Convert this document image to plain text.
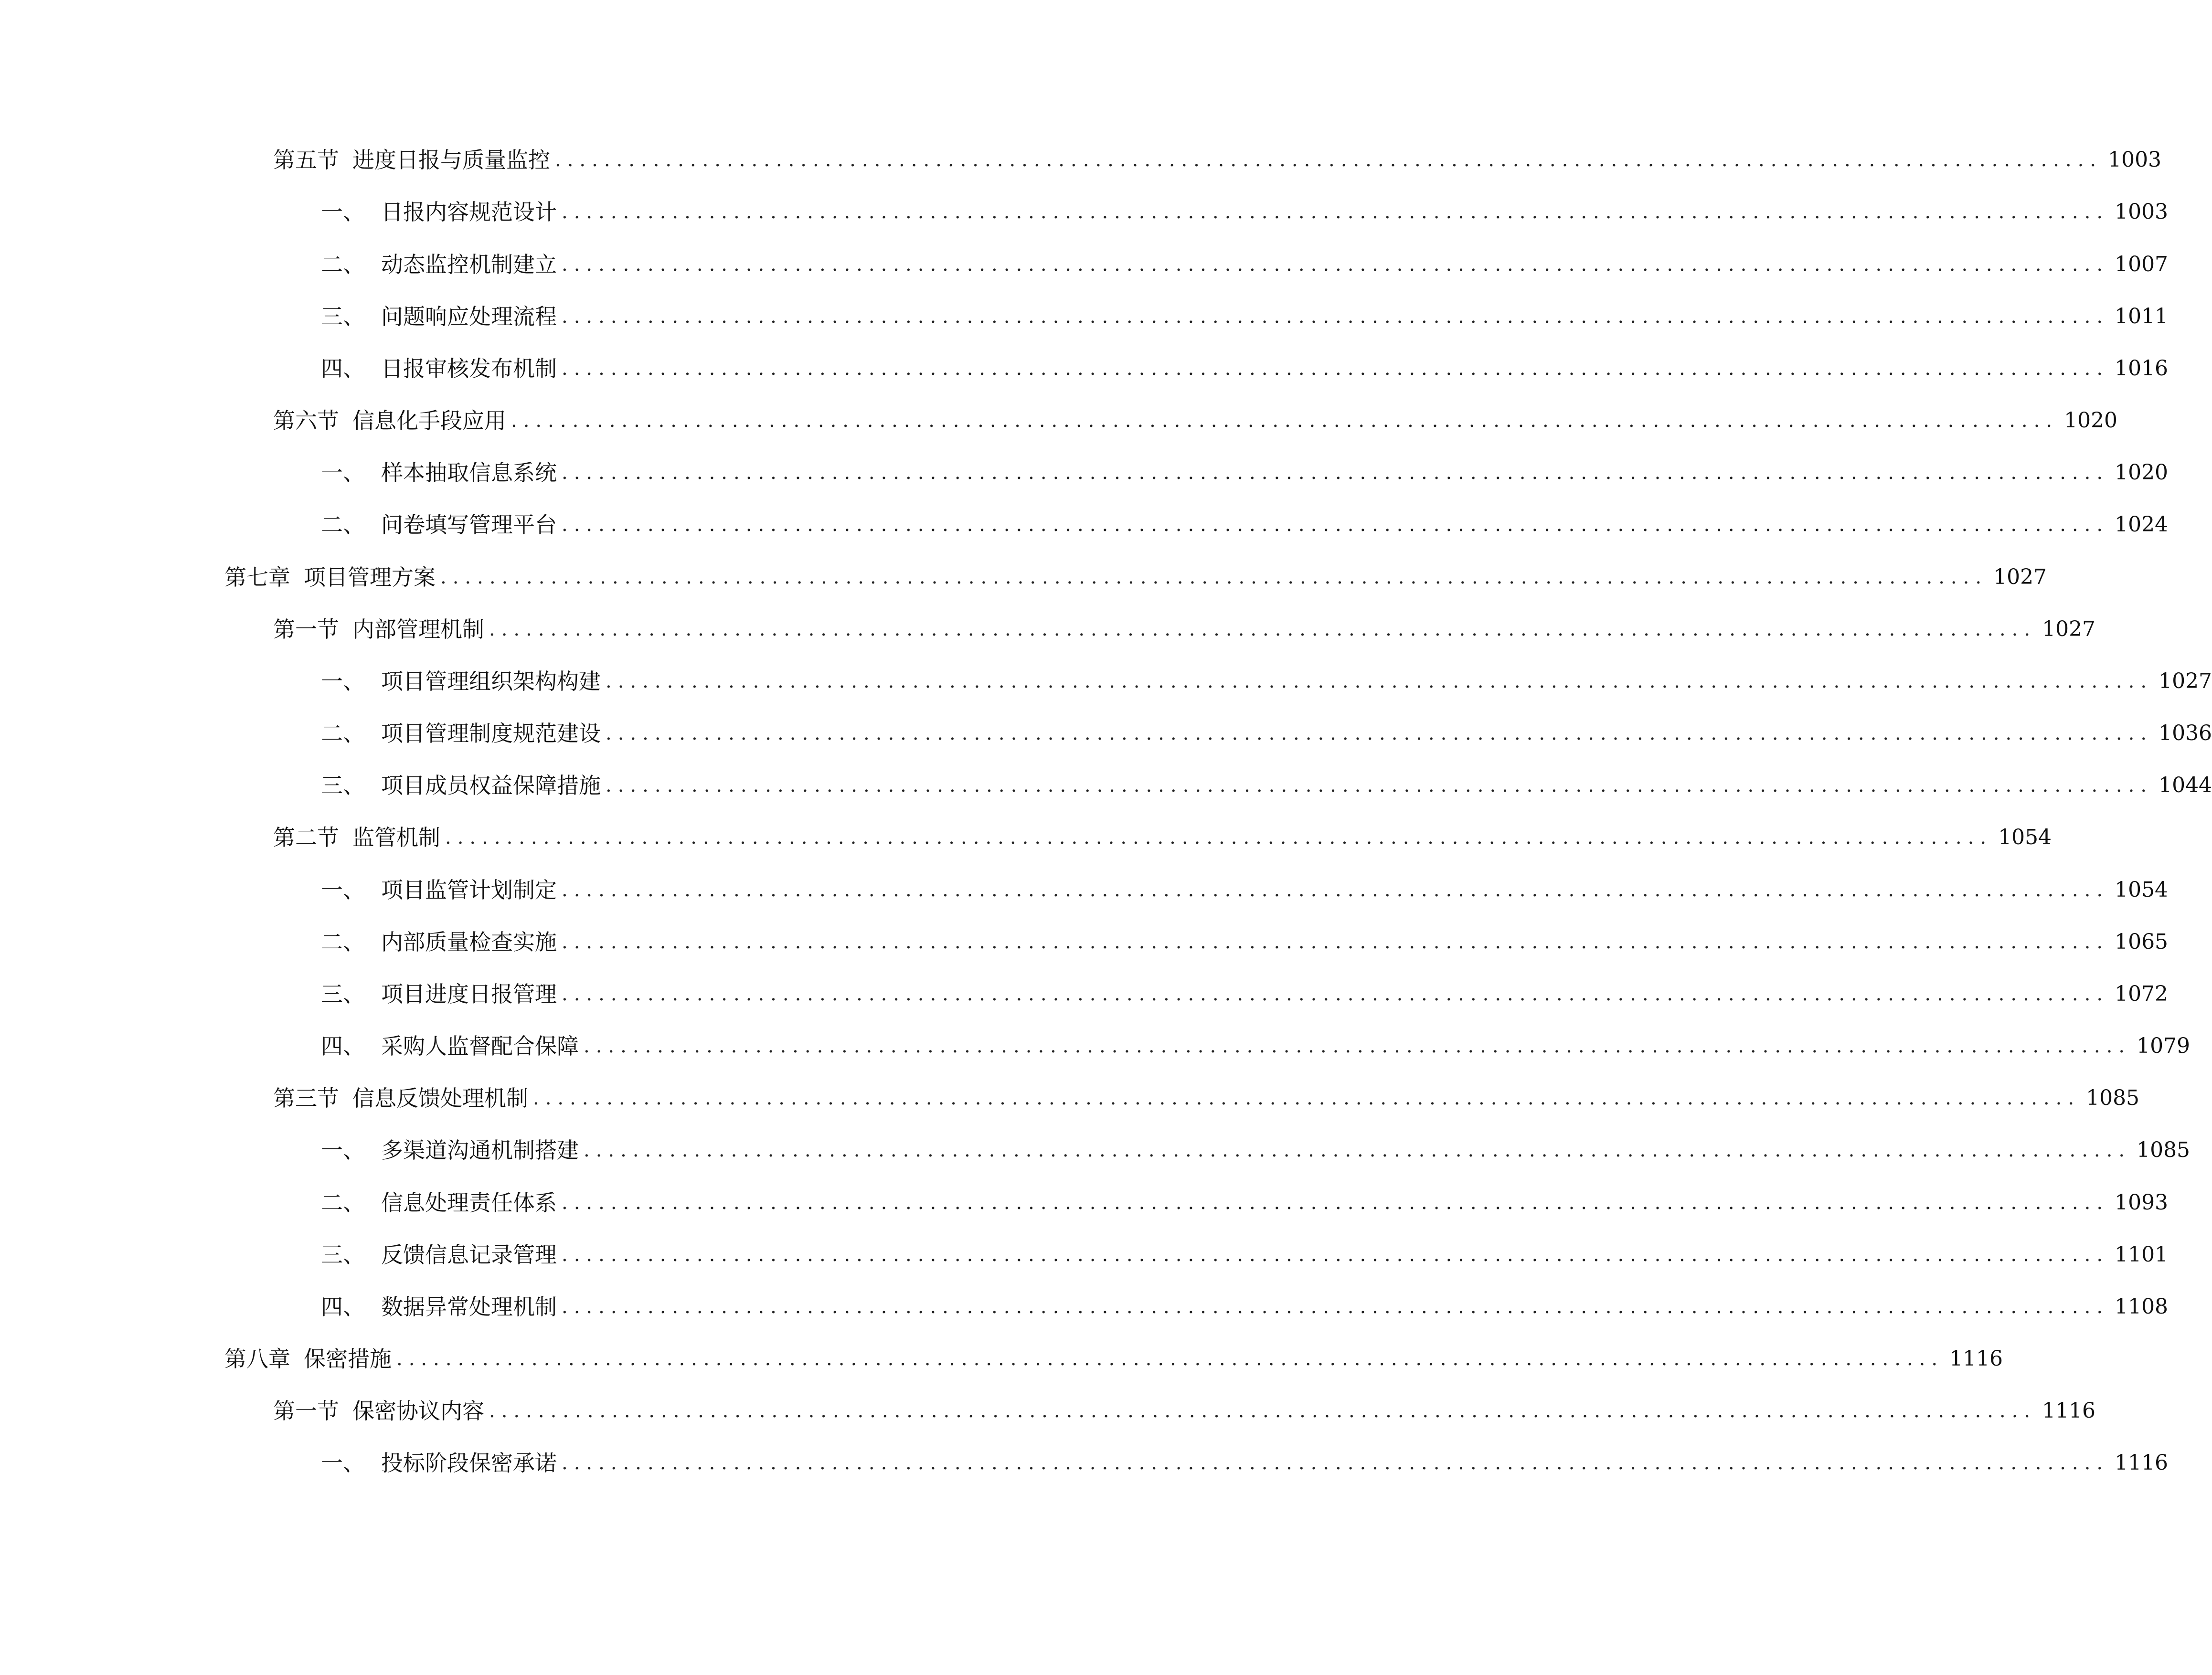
第五节 进度日报与质量监控 .............................................................................................................................. 1003
一、 日报内容规范设计 .............................................................................................................................. 1003
二、 动态监控机制建立 .............................................................................................................................. 1007
三、 问题响应处理流程 .............................................................................................................................. 1011
四、 日报审核发布机制 .............................................................................................................................. 1016
第六节 信息化手段应用 .............................................................................................................................. 1020
一、 样本抽取信息系统 .............................................................................................................................. 1020
二、 问卷填写管理平台 .............................................................................................................................. 1024
第七章 项目管理方案 .............................................................................................................................. 1027
第一节 内部管理机制 .............................................................................................................................. 1027
一、 项目管理组织架构构建 .............................................................................................................................. 1027
二、 项目管理制度规范建设 .............................................................................................................................. 1036
三、 项目成员权益保障措施 .............................................................................................................................. 1044
第二节 监管机制 .............................................................................................................................. 1054
一、 项目监管计划制定 .............................................................................................................................. 1054
二、 内部质量检查实施 .............................................................................................................................. 1065
三、 项目进度日报管理 .............................................................................................................................. 1072
四、 采购人监督配合保障 .............................................................................................................................. 1079
第三节 信息反馈处理机制 .............................................................................................................................. 1085
一、 多渠道沟通机制搭建 .............................................................................................................................. 1085
二、 信息处理责任体系 .............................................................................................................................. 1093
三、 反馈信息记录管理 .............................................................................................................................. 1101
四、 数据异常处理机制 .............................................................................................................................. 1108
第八章 保密措施 .............................................................................................................................. 1116
第一节 保密协议内容 .............................................................................................................................. 1116
一、 投标阶段保密承诺 .............................................................................................................................. 1116
